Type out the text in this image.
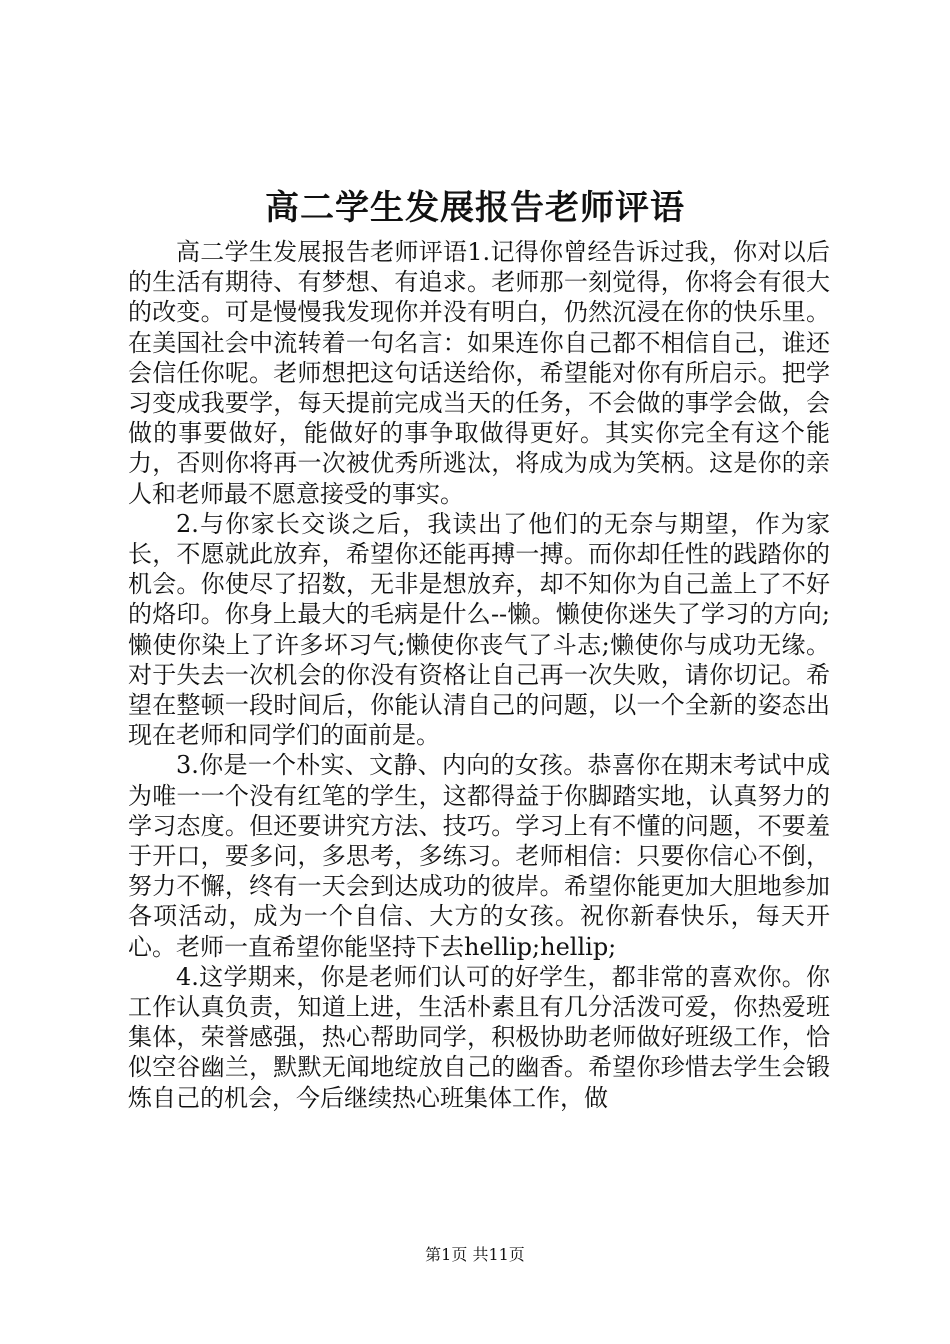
高二学生发展报告老师评语

高二学生发展报告老师评语1.记得你曾经告诉过我，你对以后的生活有期待、有梦想、有追求。老师那一刻觉得，你将会有很大的改变。可是慢慢我发现你并没有明白，仍然沉浸在你的快乐里。在美国社会中流转着一句名言：如果连你自己都不相信自己，谁还会信任你呢。老师想把这句话送给你，希望能对你有所启示。把学习变成我要学，每天提前完成当天的任务，不会做的事学会做，会做的事要做好，能做好的事争取做得更好。其实你完全有这个能力，否则你将再一次被优秀所逃汰，将成为成为笑柄。这是你的亲人和老师最不愿意接受的事实。

2.与你家长交谈之后，我读出了他们的无奈与期望，作为家长，不愿就此放弃，希望你还能再搏一搏。而你却任性的践踏你的机会。你使尽了招数，无非是想放弃，却不知你为自己盖上了不好的烙印。你身上最大的毛病是什么--懒。懒使你迷失了学习的方向;懒使你染上了许多坏习气;懒使你丧气了斗志;懒使你与成功无缘。对于失去一次机会的你没有资格让自己再一次失败，请你切记。希望在整顿一段时间后，你能认清自己的问题，以一个全新的姿态出现在老师和同学们的面前是。

3.你是一个朴实、文静、内向的女孩。恭喜你在期末考试中成为唯一一个没有红笔的学生，这都得益于你脚踏实地，认真努力的学习态度。但还要讲究方法、技巧。学习上有不懂的问题，不要羞于开口，要多问，多思考，多练习。老师相信：只要你信心不倒，努力不懈，终有一天会到达成功的彼岸。希望你能更加大胆地参加各项活动，成为一个自信、大方的女孩。祝你新春快乐，每天开心。老师一直希望你能坚持下去hellip;hellip;

4.这学期来，你是老师们认可的好学生，都非常的喜欢你。你工作认真负责，知道上进，生活朴素且有几分活泼可爱，你热爱班集体，荣誉感强，热心帮助同学，积极协助老师做好班级工作，恰似空谷幽兰，默默无闻地绽放自己的幽香。希望你珍惜去学生会锻炼自己的机会，今后继续热心班集体工作，做

第1页 共11页
